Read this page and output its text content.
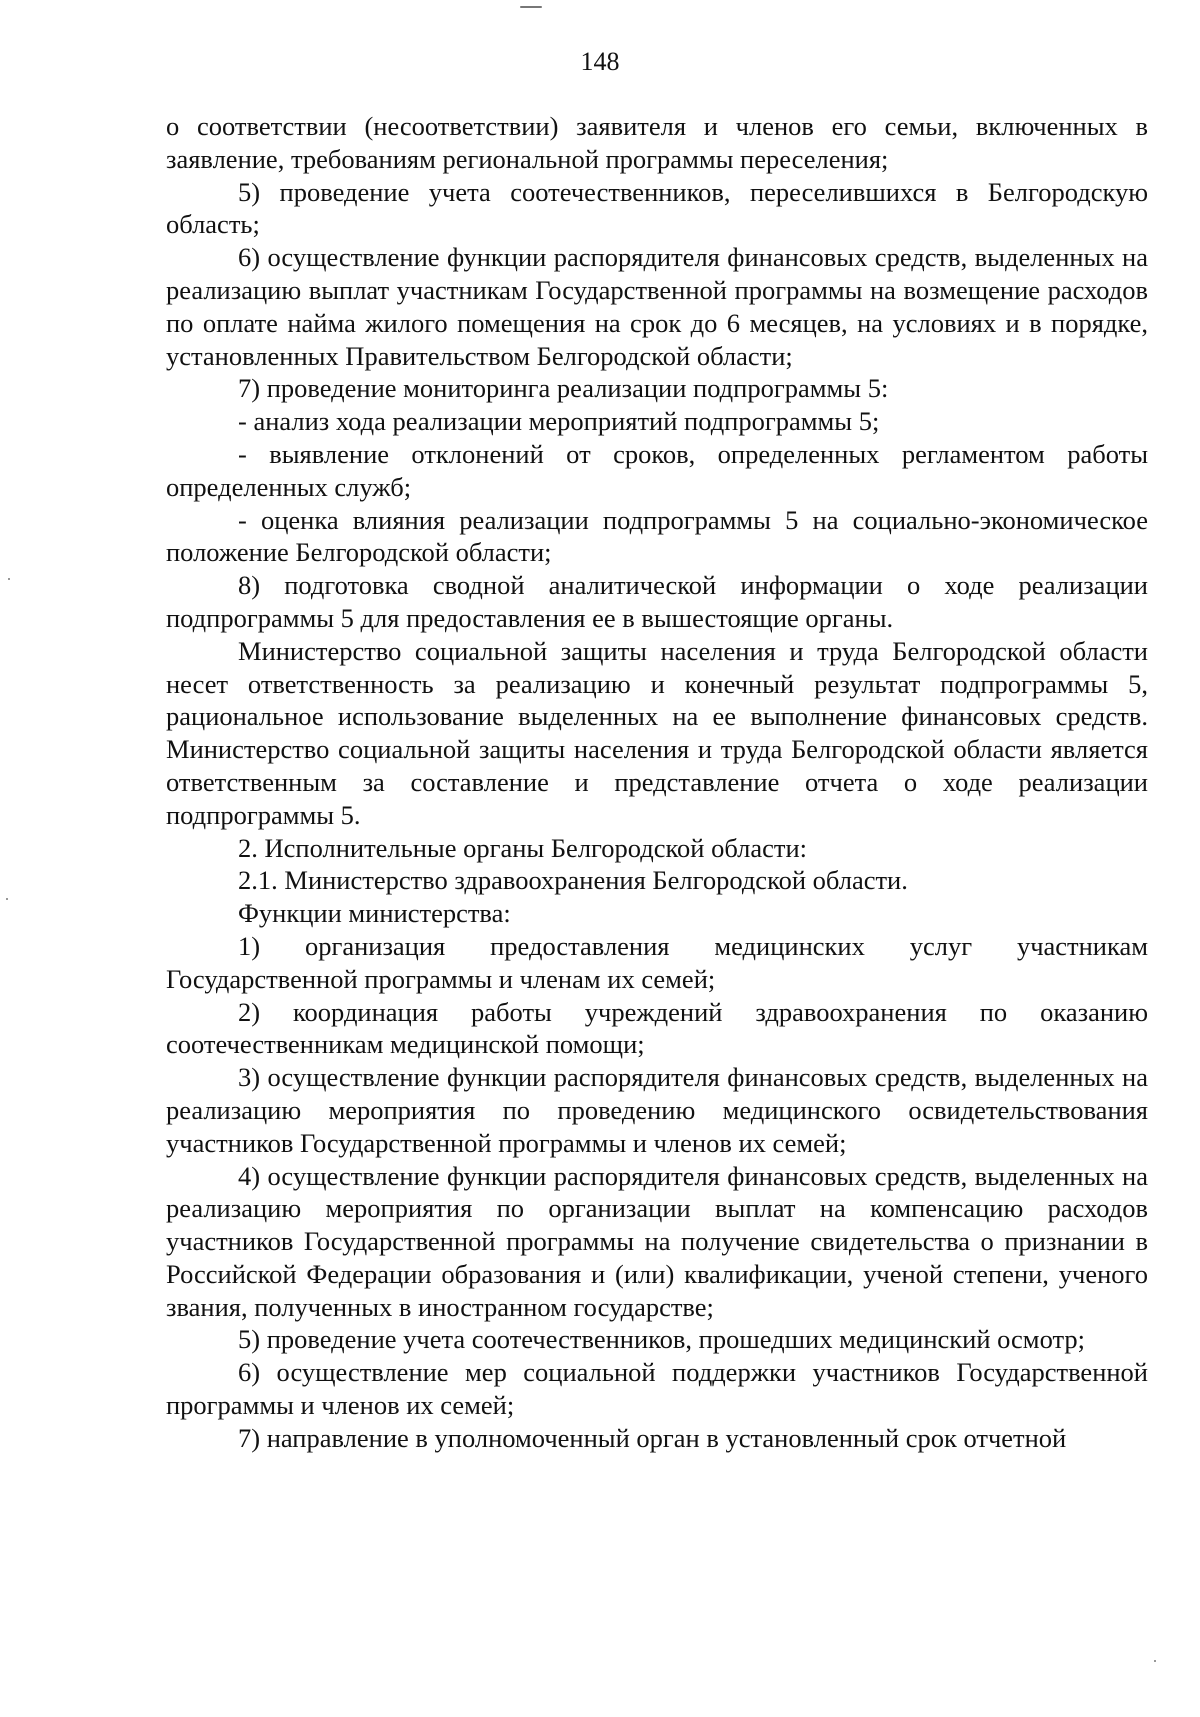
148

о соответствии (несоответствии) заявителя и членов его семьи, включенных в заявление, требованиям региональной программы переселения;

5) проведение учета соотечественников, переселившихся в Белгородскую область;

6) осуществление функции распорядителя финансовых средств, выделенных на реализацию выплат участникам Государственной программы на возмещение расходов по оплате найма жилого помещения на срок до 6 месяцев, на условиях и в порядке, установленных Правительством Белгородской области;

7) проведение мониторинга реализации подпрограммы 5:

- анализ хода реализации мероприятий подпрограммы 5;

- выявление отклонений от сроков, определенных регламентом работы определенных служб;

- оценка влияния реализации подпрограммы 5 на социально-экономическое положение Белгородской области;

8) подготовка сводной аналитической информации о ходе реализации подпрограммы 5 для предоставления ее в вышестоящие органы.

Министерство социальной защиты населения и труда Белгородской области несет ответственность за реализацию и конечный результат подпрограммы 5, рациональное использование выделенных на ее выполнение финансовых средств. Министерство социальной защиты населения и труда Белгородской области является ответственным за составление и представление отчета о ходе реализации подпрограммы 5.

2. Исполнительные органы Белгородской области:

2.1. Министерство здравоохранения Белгородской области.

Функции министерства:

1) организация предоставления медицинских услуг участникам Государственной программы и членам их семей;

2) координация работы учреждений здравоохранения по оказанию соотечественникам медицинской помощи;

3) осуществление функции распорядителя финансовых средств, выделенных на реализацию мероприятия по проведению медицинского освидетельствования участников Государственной программы и членов их семей;

4) осуществление функции распорядителя финансовых средств, выделенных на реализацию мероприятия по организации выплат на компенсацию расходов участников Государственной программы на получение свидетельства о признании в Российской Федерации образования и (или) квалификации, ученой степени, ученого звания, полученных в иностранном государстве;

5) проведение учета соотечественников, прошедших медицинский осмотр;

6) осуществление мер социальной поддержки участников Государственной программы и членов их семей;

7) направление в уполномоченный орган в установленный срок отчетной
